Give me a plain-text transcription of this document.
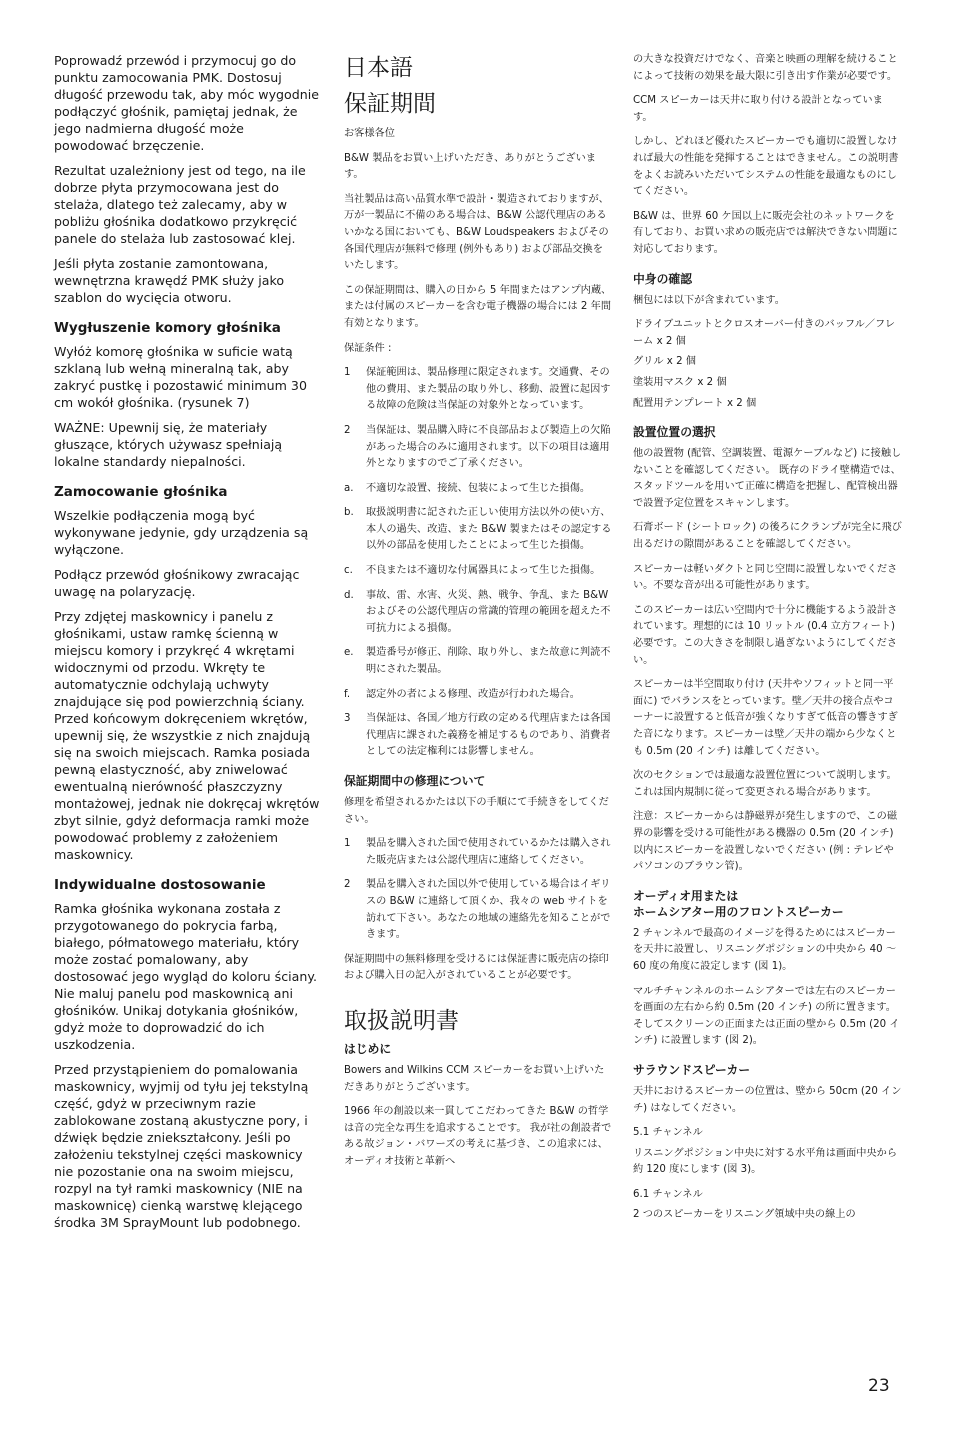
Poprowadź przewód i przymocuj go do punktu zamocowania PMK. Dostosuj długość przewodu tak, aby móc wygodnie podłączyć głośnik, pamiętaj jednak, że jego nadmierna długość może powodować brzęczenie.

Rezultat uzależniony jest od tego, na ile dobrze płyta przymocowana jest do stelaża, dlatego też zalecamy, aby w pobliżu głośnika dodatkowo przykręcić panele do stelaża lub zastosować klej.

Jeśli płyta zostanie zamontowana, wewnętrzna krawędź PMK służy jako szablon do wycięcia otworu.

Wygłuszenie komory głośnika

Wyłóż komorę głośnika w suficie watą szklaną lub wełną mineralną tak, aby zakryć pustkę i pozostawić minimum 30 cm wokół głośnika. (rysunek 7)

WAŻNE: Upewnij się, że materiały głuszące, których używasz spełniają lokalne standardy niepalności.

Zamocowanie głośnika

Wszelkie podłączenia mogą być wykonywane jedynie, gdy urządzenia są wyłączone.

Podłącz przewód głośnikowy zwracając uwagę na polaryzację.

Przy zdjętej maskownicy i panelu z głośnikami, ustaw ramkę ścienną w miejscu komory i przykręć 4 wkrętami widocznymi od przodu. Wkręty te automatycznie odchylają uchwyty znajdujące się pod powierzchnią ściany. Przed końcowym dokręceniem wkrętów, upewnij się, że wszystkie z nich znajdują się na swoich miejscach. Ramka posiada pewną elastyczność, aby zniwelować ewentualną nierówność płaszczyzny montażowej, jednak nie dokręcaj wkrętów zbyt silnie, gdyż deformacja ramki może powodować problemy z założeniem maskownicy.

Indywidualne dostosowanie

Ramka głośnika wykonana została z przygotowanego do pokrycia farbą, białego, półmatowego materiału, który może zostać pomalowany, aby dostosować jego wygląd do koloru ściany. Nie maluj panelu pod maskownicą ani głośników. Unikaj dotykania głośników, gdyż może to doprowadzić do ich uszkodzenia.

Przed przystąpieniem do pomalowania maskownicy, wyjmij od tyłu jej tekstylną część, gdyż w przeciwnym razie zablokowane zostaną akustyczne pory, i dźwięk będzie zniekształcony. Jeśli po założeniu tekstylnej części maskownicy nie pozostanie ona na swoim miejscu, rozpyl na tył ramki maskownicy (NIE na maskownicę) cienką warstwę klejącego środka 3M SprayMount lub podobnego.

日本語
保証期間

お客様各位

B&W 製品をお買い上げいただき、ありがとうございます。

当社製品は高い品質水準で設計・製造されておりますが、万が一製品に不備のある場合は、B&W 公認代理店のあるいかなる国においても、B&W Loudspeakers およびその各国代理店が無料で修理 (例外もあり) および部品交換をいたします。

この保証期間は、購入の日から 5 年間またはアンプ内蔵、または付属のスピーカーを含む電子機器の場合には 2 年間有効となります。

保証条件 :

1	保証範囲は、製品修理に限定されます。交通費、その他の費用、また製品の取り外し、移動、設置に起因する故障の危険は当保証の対象外となっています。
2	当保証は、製品購入時に不良部品および製造上の欠陥があった場合のみに適用されます。以下の項目は適用外となりますのでご了承ください。
a.	不適切な設置、接続、包装によって生じた損傷。
b.	取扱説明書に記された正しい使用方法以外の使い方、本人の過失、改造、また B&W 製またはその認定する以外の部品を使用したことによって生じた損傷。
c.	不良または不適切な付属器具によって生じた損傷。
d.	事故、雷、水害、火災、熱、戦争、争乱、また B&W およびその公認代理店の常識的管理の範囲を超えた不可抗力による損傷。
e.	製造番号が修正、削除、取り外し、また故意に判読不明にされた製品。
f.	認定外の者による修理、改造が行われた場合。
3	当保証は、各国／地方行政の定める代理店または各国代理店に課された義務を補足するものであり、消費者としての法定権利には影響しません。
保証期間中の修理について

修理を希望されるかたは以下の手順にて手続きをしてください。

1	製品を購入された国で使用されているかたは購入された販売店または公認代理店に連絡してください。
2	製品を購入された国以外で使用している場合はイギリスの B&W に連絡して頂くか、我々の web サイトを訪れて下さい。あなたの地域の連絡先を知ることができます。

保証期間中の無料修理を受けるには保証書に販売店の捺印および購入日の記入がされていることが必要です。

取扱説明書
はじめに

Bowers and Wilkins CCM スピーカーをお買い上げいただきありがとうございます。

1966 年の創設以来一貫してこだわってきた B&W の哲学は音の完全な再生を追求することです。 我が社の創設者である故ジョン・バワーズの考えに基づき、この追求には、オーディオ技術と革新へ

の大きな投資だけでなく、音楽と映画の理解を続けることによって技術の効果を最大限に引き出す作業が必要です。

CCM スピーカーは天井に取り付ける設計となっています。

しかし、どれほど優れたスピーカーでも適切に設置しなければ最大の性能を発揮することはできません。この説明書をよくお読みいただいてシステムの性能を最適なものにしてください。

B&W は、世界 60 ケ国以上に販売会社のネットワークを有しており、お買い求めの販売店では解決できない問題に対応しております。

中身の確認

梱包には以下が含まれています。

ドライブユニットとクロスオーバー付きのバッフル／フレーム x 2 個

グリル x 2 個

塗装用マスク x 2 個

配置用テンプレート x 2 個

設置位置の選択

他の設置物 (配管、空調装置、電源ケーブルなど) に接触しないことを確認してください。 既存のドライ壁構造では、スタッドツールを用いて正確に構造を把握し、配管検出器で設置予定位置をスキャンします。

石膏ボード (シートロック) の後ろにクランプが完全に飛び出るだけの隙間があることを確認してください。

スピーカーは軽いダクトと同じ空間に設置しないでください。不要な音が出る可能性があります。

このスピーカーは広い空間内で十分に機能するよう設計されています。理想的には 10 リットル (0.4 立方フィート) 必要です。この大きさを制限し過ぎないようにしてください。

スピーカーは半空間取り付け (天井やソフィットと同一平面に) でバランスをとっています。壁／天井の接合点やコーナーに設置すると低音が強くなりすぎて低音の響きすぎた音になります。スピーカーは壁／天井の端から少なくとも 0.5m (20 インチ) は離してください。

次のセクションでは最適な設置位置について説明します。これは国内規制に従って変更される場合があります。

注意：スピーカーからは静磁界が発生しますので、この磁界の影響を受ける可能性がある機器の 0.5m (20 インチ) 以内にスピーカーを設置しないでください (例 : テレビやパソコンのブラウン管)。

オーディオ用または
ホームシアター用のフロントスピーカー

2 チャンネルで最高のイメージを得るためにはスピーカーを天井に設置し、リスニングポジションの中央から 40 ～ 60 度の角度に設定します (図 1)。

マルチチャンネルのホームシアターでは左右のスピーカーを画面の左右から約 0.5m (20 インチ) の所に置きます。そしてスクリーンの正面または正面の壁から 0.5m (20 インチ) に設置します (図 2)。

サラウンドスピーカー

天井におけるスピーカーの位置は、壁から 50cm (20 インチ) はなしてください。

5.1 チャンネル

リスニングポジション中央に対する水平角は画面中央から約 120 度にします (図 3)。

6.1 チャンネル

2 つのスピーカーをリスニング領域中央の線上の

23
